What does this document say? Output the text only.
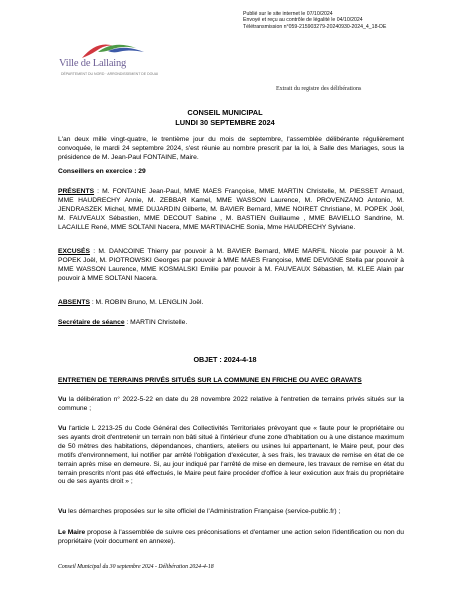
Publié sur le site internet le 07/10/2024
Envoyé et reçu au contrôle de légalité le 04/10/2024
Télétransmission n°059-215903279-20240930-2024_4_18-DE
Ville de Lallaing
DÉPARTEMENT DU NORD · ARRONDISSEMENT DE DOUAI
Extrait du registre des délibérations
CONSEIL MUNICIPAL
LUNDI 30 SEPTEMBRE 2024
L'an deux mille vingt-quatre, le trentième jour du mois de septembre, l'assemblée délibérante régulièrement convoquée, le mardi 24 septembre 2024, s'est réunie au nombre prescrit par la loi, à Salle des Mariages, sous la présidence de M. Jean-Paul FONTAINE, Maire.
Conseillers en exercice : 29
PRÉSENTS : M. FONTAINE Jean-Paul, MME MAES Françoise, MME MARTIN Christelle, M. PIESSET Arnaud, MME HAUDRECHY Annie, M. ZEBBAR Kamel, MME WASSON Laurence, M. PROVENZANO Antonio, M. JENDRASZEK Michel, MME DUJARDIN Gilberte, M. BAVIER Bernard, MME NOIRET Christiane, M. POPEK Joël, M. FAUVEAUX Sébastien, MME DECOUT Sabine , M. BASTIEN Guillaume , MME BAVIELLO Sandrine, M. LACAILLE René, MME SOLTANI Nacera, MME MARTINACHE Sonia, Mme HAUDRECHY Sylviane.
EXCUSÉS : M. DANCOINE Thierry par pouvoir à M. BAVIER Bernard, MME MARFIL Nicole par pouvoir à M. POPEK Joël, M. PIOTROWSKI Georges par pouvoir à MME MAES Françoise, MME DEVIGNE Stella par pouvoir à MME WASSON Laurence, MME KOSMALSKI Emilie par pouvoir à M. FAUVEAUX Sébastien, M. KLEE Alain par pouvoir à MME SOLTANI Nacera.
ABSENTS : M. ROBIN Bruno, M. LENGLIN Joël.
Secrétaire de séance : MARTIN Christelle.
OBJET : 2024-4-18
ENTRETIEN DE TERRAINS PRIVÉS SITUÉS SUR LA COMMUNE EN FRICHE OU AVEC GRAVATS
Vu la délibération n° 2022-5-22 en date du 28 novembre 2022 relative à l'entretien de terrains privés situés sur la commune ;
Vu l'article L 2213-25 du Code Général des Collectivités Territoriales prévoyant que « faute pour le propriétaire ou ses ayants droit d'entretenir un terrain non bâti situé à l'intérieur d'une zone d'habitation ou à une distance maximum de 50 mètres des habitations, dépendances, chantiers, ateliers ou usines lui appartenant, le Maire peut, pour des motifs d'environnement, lui notifier par arrêté l'obligation d'exécuter, à ses frais, les travaux de remise en état de ce terrain après mise en demeure. Si, au jour indiqué par l'arrêté de mise en demeure, les travaux de remise en état du terrain prescrits n'ont pas été effectués, le Maire peut faire procéder d'office à leur exécution aux frais du propriétaire ou de ses ayants droit » ;
Vu les démarches proposées sur le site officiel de l'Administration Française (service-public.fr) ;
Le Maire propose à l'assemblée de suivre ces préconisations et d'entamer une action selon l'identification ou non du propriétaire (voir document en annexe).
Conseil Municipal du 30 septembre 2024 - Délibération 2024-4-18
